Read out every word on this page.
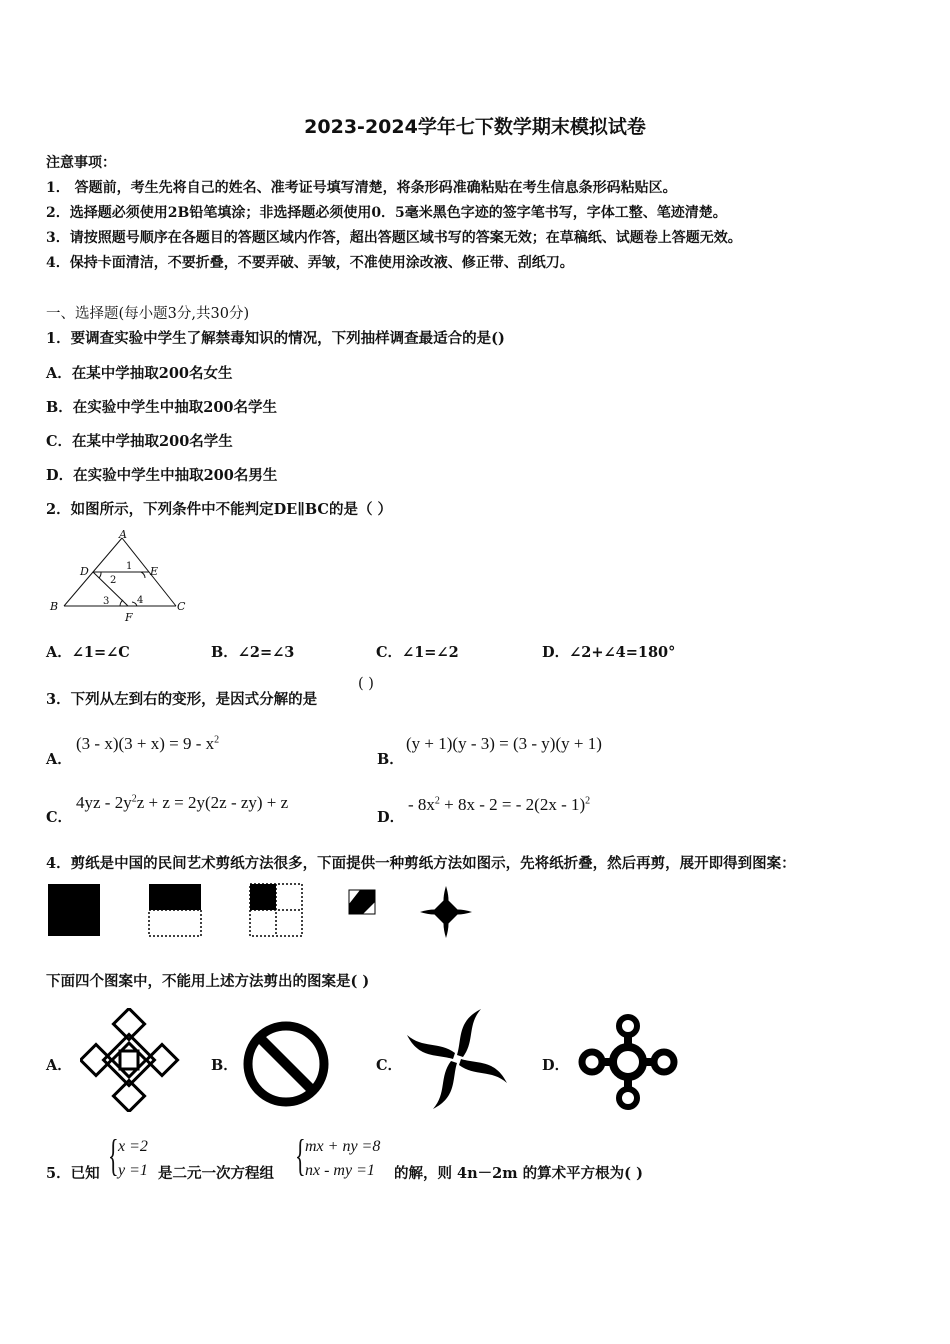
2023-2024学年七下数学期末模拟试卷
注意事项：
1． 答题前，考生先将自己的姓名、准考证号填写清楚，将条形码准确粘贴在考生信息条形码粘贴区。
2．选择题必须使用2B铅笔填涂；非选择题必须使用0．5毫米黑色字迹的签字笔书写，字体工整、笔迹清楚。
3．请按照题号顺序在各题目的答题区域内作答，超出答题区域书写的答案无效；在草稿纸、试题卷上答题无效。
4．保持卡面清洁，不要折叠，不要弄破、弄皱，不准使用涂改液、修正带、刮纸刀。
一、选择题(每小题3分,共30分)
1．要调查实验中学生了解禁毒知识的情况，下列抽样调查最适合的是()
A．在某中学抽取200名女生
B．在实验中学生中抽取200名学生
C．在某中学抽取200名学生
D．在实验中学生中抽取200名男生
2．如图所示，下列条件中不能判定DE∥BC的是（ ）
A
D	E
B	C
F
1
2
3	4
A．∠1=∠C	B．∠2=∠3	C．∠1=∠2	D．∠2+∠4=180°
3．下列从左到右的变形，是因式分解的是
( )
A．
$(3 - x)(3 + x) = 9 - x^2$
B．
(y + 1)(y - 3) = (3 - y)(y + 1)
C．
$4yz - 2y^2z + z = 2y(2z - zy) + z$
D．
- $8x^2 + 8x - 2$ = - 2(2x - 1)$^2$
4．剪纸是中国的民间艺术剪纸方法很多，下面提供一种剪纸方法如图示，先将纸折叠，然后再剪，展开即得到图案：
下面四个图案中，不能用上述方法剪出的图案是( )
A．	B．	C．	D．
5．已知 { x =2
y =1 是二元一次方程组 { mx + ny =8
nx - my =1 的解，则 4n－2m 的算术平方根为( )
